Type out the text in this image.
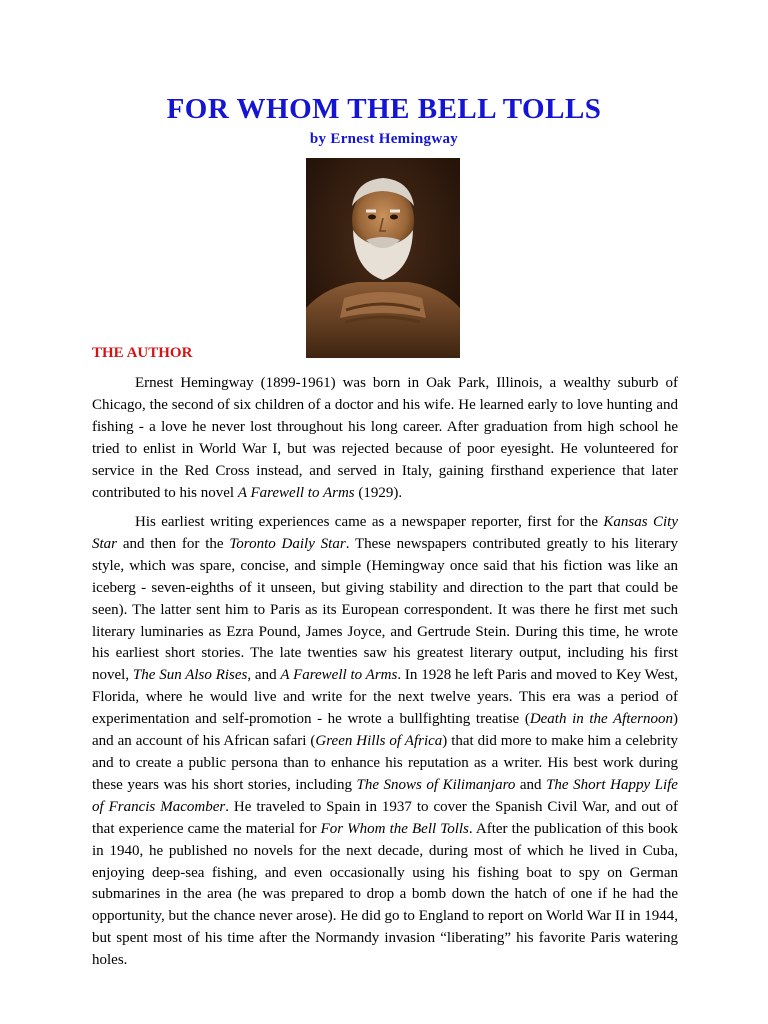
FOR WHOM THE BELL TOLLS
by Ernest Hemingway
THE AUTHOR

Ernest Hemingway (1899-1961) was born in Oak Park, Illinois, a wealthy suburb of Chicago, the second of six children of a doctor and his wife. He learned early to love hunting and fishing - a love he never lost throughout his long career. After graduation from high school he tried to enlist in World War I, but was rejected because of poor eyesight. He volunteered for service in the Red Cross instead, and served in Italy, gaining firsthand experience that later contributed to his novel A Farewell to Arms (1929).

His earliest writing experiences came as a newspaper reporter, first for the Kansas City Star and then for the Toronto Daily Star. These newspapers contributed greatly to his literary style, which was spare, concise, and simple (Hemingway once said that his fiction was like an iceberg - seven-eighths of it unseen, but giving stability and direction to the part that could be seen). The latter sent him to Paris as its European correspondent. It was there he first met such literary luminaries as Ezra Pound, James Joyce, and Gertrude Stein. During this time, he wrote his earliest short stories. The late twenties saw his greatest literary output, including his first novel, The Sun Also Rises, and A Farewell to Arms. In 1928 he left Paris and moved to Key West, Florida, where he would live and write for the next twelve years. This era was a period of experimentation and self-promotion - he wrote a bullfighting treatise (Death in the Afternoon) and an account of his African safari (Green Hills of Africa) that did more to make him a celebrity and to create a public persona than to enhance his reputation as a writer. His best work during these years was his short stories, including The Snows of Kilimanjaro and The Short Happy Life of Francis Macomber. He traveled to Spain in 1937 to cover the Spanish Civil War, and out of that experience came the material for For Whom the Bell Tolls. After the publication of this book in 1940, he published no novels for the next decade, during most of which he lived in Cuba, enjoying deep-sea fishing, and even occasionally using his fishing boat to spy on German submarines in the area (he was prepared to drop a bomb down the hatch of one if he had the opportunity, but the chance never arose). He did go to England to report on World War II in 1944, but spent most of his time after the Normandy invasion “liberating” his favorite Paris watering holes.
